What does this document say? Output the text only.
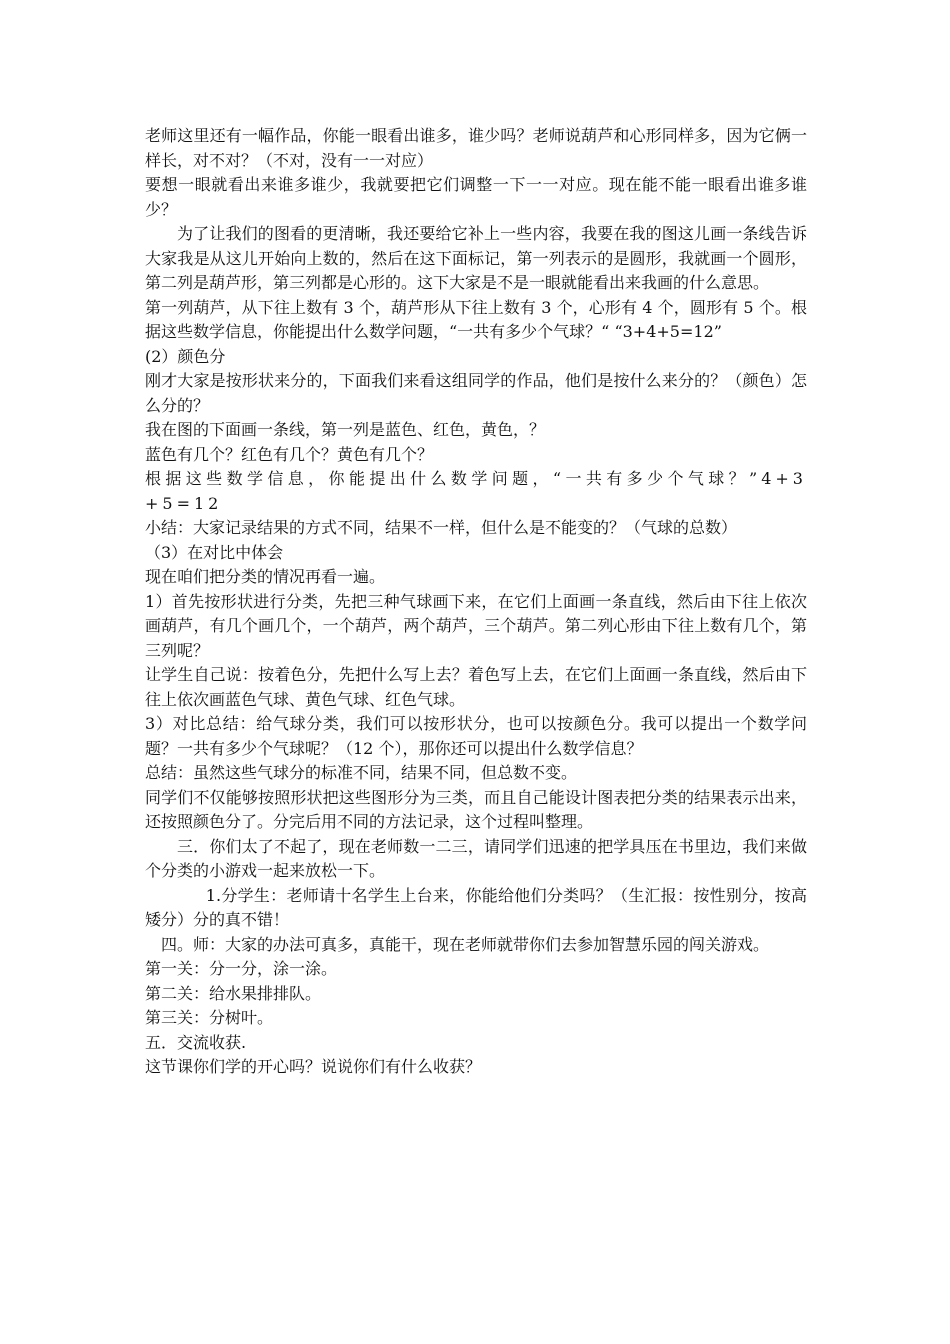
老师这里还有一幅作品，你能一眼看出谁多，谁少吗？老师说葫芦和心形同样多，因为它俩一样长，对不对？（不对，没有一一对应）

要想一眼就看出来谁多谁少，我就要把它们调整一下一一对应。现在能不能一眼看出谁多谁少？

为了让我们的图看的更清晰，我还要给它补上一些内容，我要在我的图这儿画一条线告诉大家我是从这儿开始向上数的，然后在这下面标记，第一列表示的是圆形，我就画一个圆形，第二列是葫芦形，第三列都是心形的。这下大家是不是一眼就能看出来我画的什么意思。

第一列葫芦，从下往上数有 3 个，葫芦形从下往上数有 3 个，心形有 4 个，圆形有 5 个。根据这些数学信息，你能提出什么数学问题，“一共有多少个气球？“ “3+4+5=12”

(2）颜色分

刚才大家是按形状来分的，下面我们来看这组同学的作品，他们是按什么来分的？（颜色）怎么分的？

我在图的下面画一条线，第一列是蓝色、红色，黄色，？

蓝色有几个？红色有几个？黄色有几个？

根据这些数学信息，你能提出什么数学问题，“一共有多少个气球？”4+3+5=12

小结：大家记录结果的方式不同，结果不一样，但什么是不能变的？（气球的总数）

（3）在对比中体会

现在咱们把分类的情况再看一遍。

1）首先按形状进行分类，先把三种气球画下来，在它们上面画一条直线，然后由下往上依次画葫芦，有几个画几个，一个葫芦，两个葫芦，三个葫芦。第二列心形由下往上数有几个，第三列呢？

让学生自己说：按着色分，先把什么写上去？着色写上去，在它们上面画一条直线，然后由下往上依次画蓝色气球、黄色气球、红色气球。

3）对比总结：给气球分类，我们可以按形状分，也可以按颜色分。我可以提出一个数学问题？一共有多少个气球呢？（12 个），那你还可以提出什么数学信息？

总结：虽然这些气球分的标准不同，结果不同，但总数不变。

同学们不仅能够按照形状把这些图形分为三类，而且自己能设计图表把分类的结果表示出来，还按照颜色分了。分完后用不同的方法记录，这个过程叫整理。

三．你们太了不起了，现在老师数一二三，请同学们迅速的把学具压在书里边，我们来做个分类的小游戏一起来放松一下。

1.分学生：老师请十名学生上台来，你能给他们分类吗？（生汇报：按性别分，按高矮分）分的真不错！

四。师：大家的办法可真多，真能干，现在老师就带你们去参加智慧乐园的闯关游戏。

第一关：分一分，涂一涂。

第二关：给水果排排队。

第三关：分树叶。

五．交流收获.

这节课你们学的开心吗？说说你们有什么收获？
